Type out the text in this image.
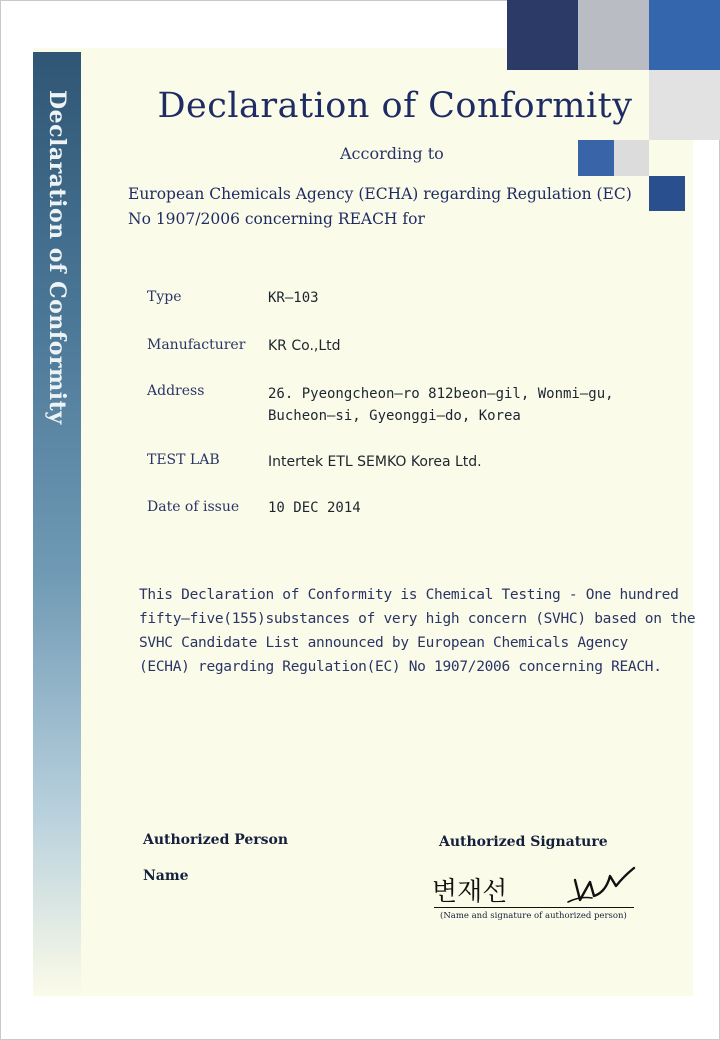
Declaration of Conformity	Declaration of Conformity
According to
European Chemicals Agency (ECHA) regarding Regulation (EC)
No 1907/2006 concerning REACH for
Type	KR–103
Manufacturer KR Co.,Ltd
Address	26. Pyeongcheon–ro 812beon–gil, Wonmi–gu,
Bucheon–si, Gyeonggi–do, Korea
TEST LAB	Intertek ETL SEMKO Korea Ltd.
Date of issue 10 DEC 2014
This Declaration of Conformity is Chemical Testing - One hundred
fifty–five(155)substances of very high concern (SVHC) based on the
SVHC Candidate List announced by European Chemicals Agency
(ECHA) regarding Regulation(EC) No 1907/2006 concerning REACH.
Authorized Person
Name
Authorized Signature
변재선
(Name and signature of authorized person)
